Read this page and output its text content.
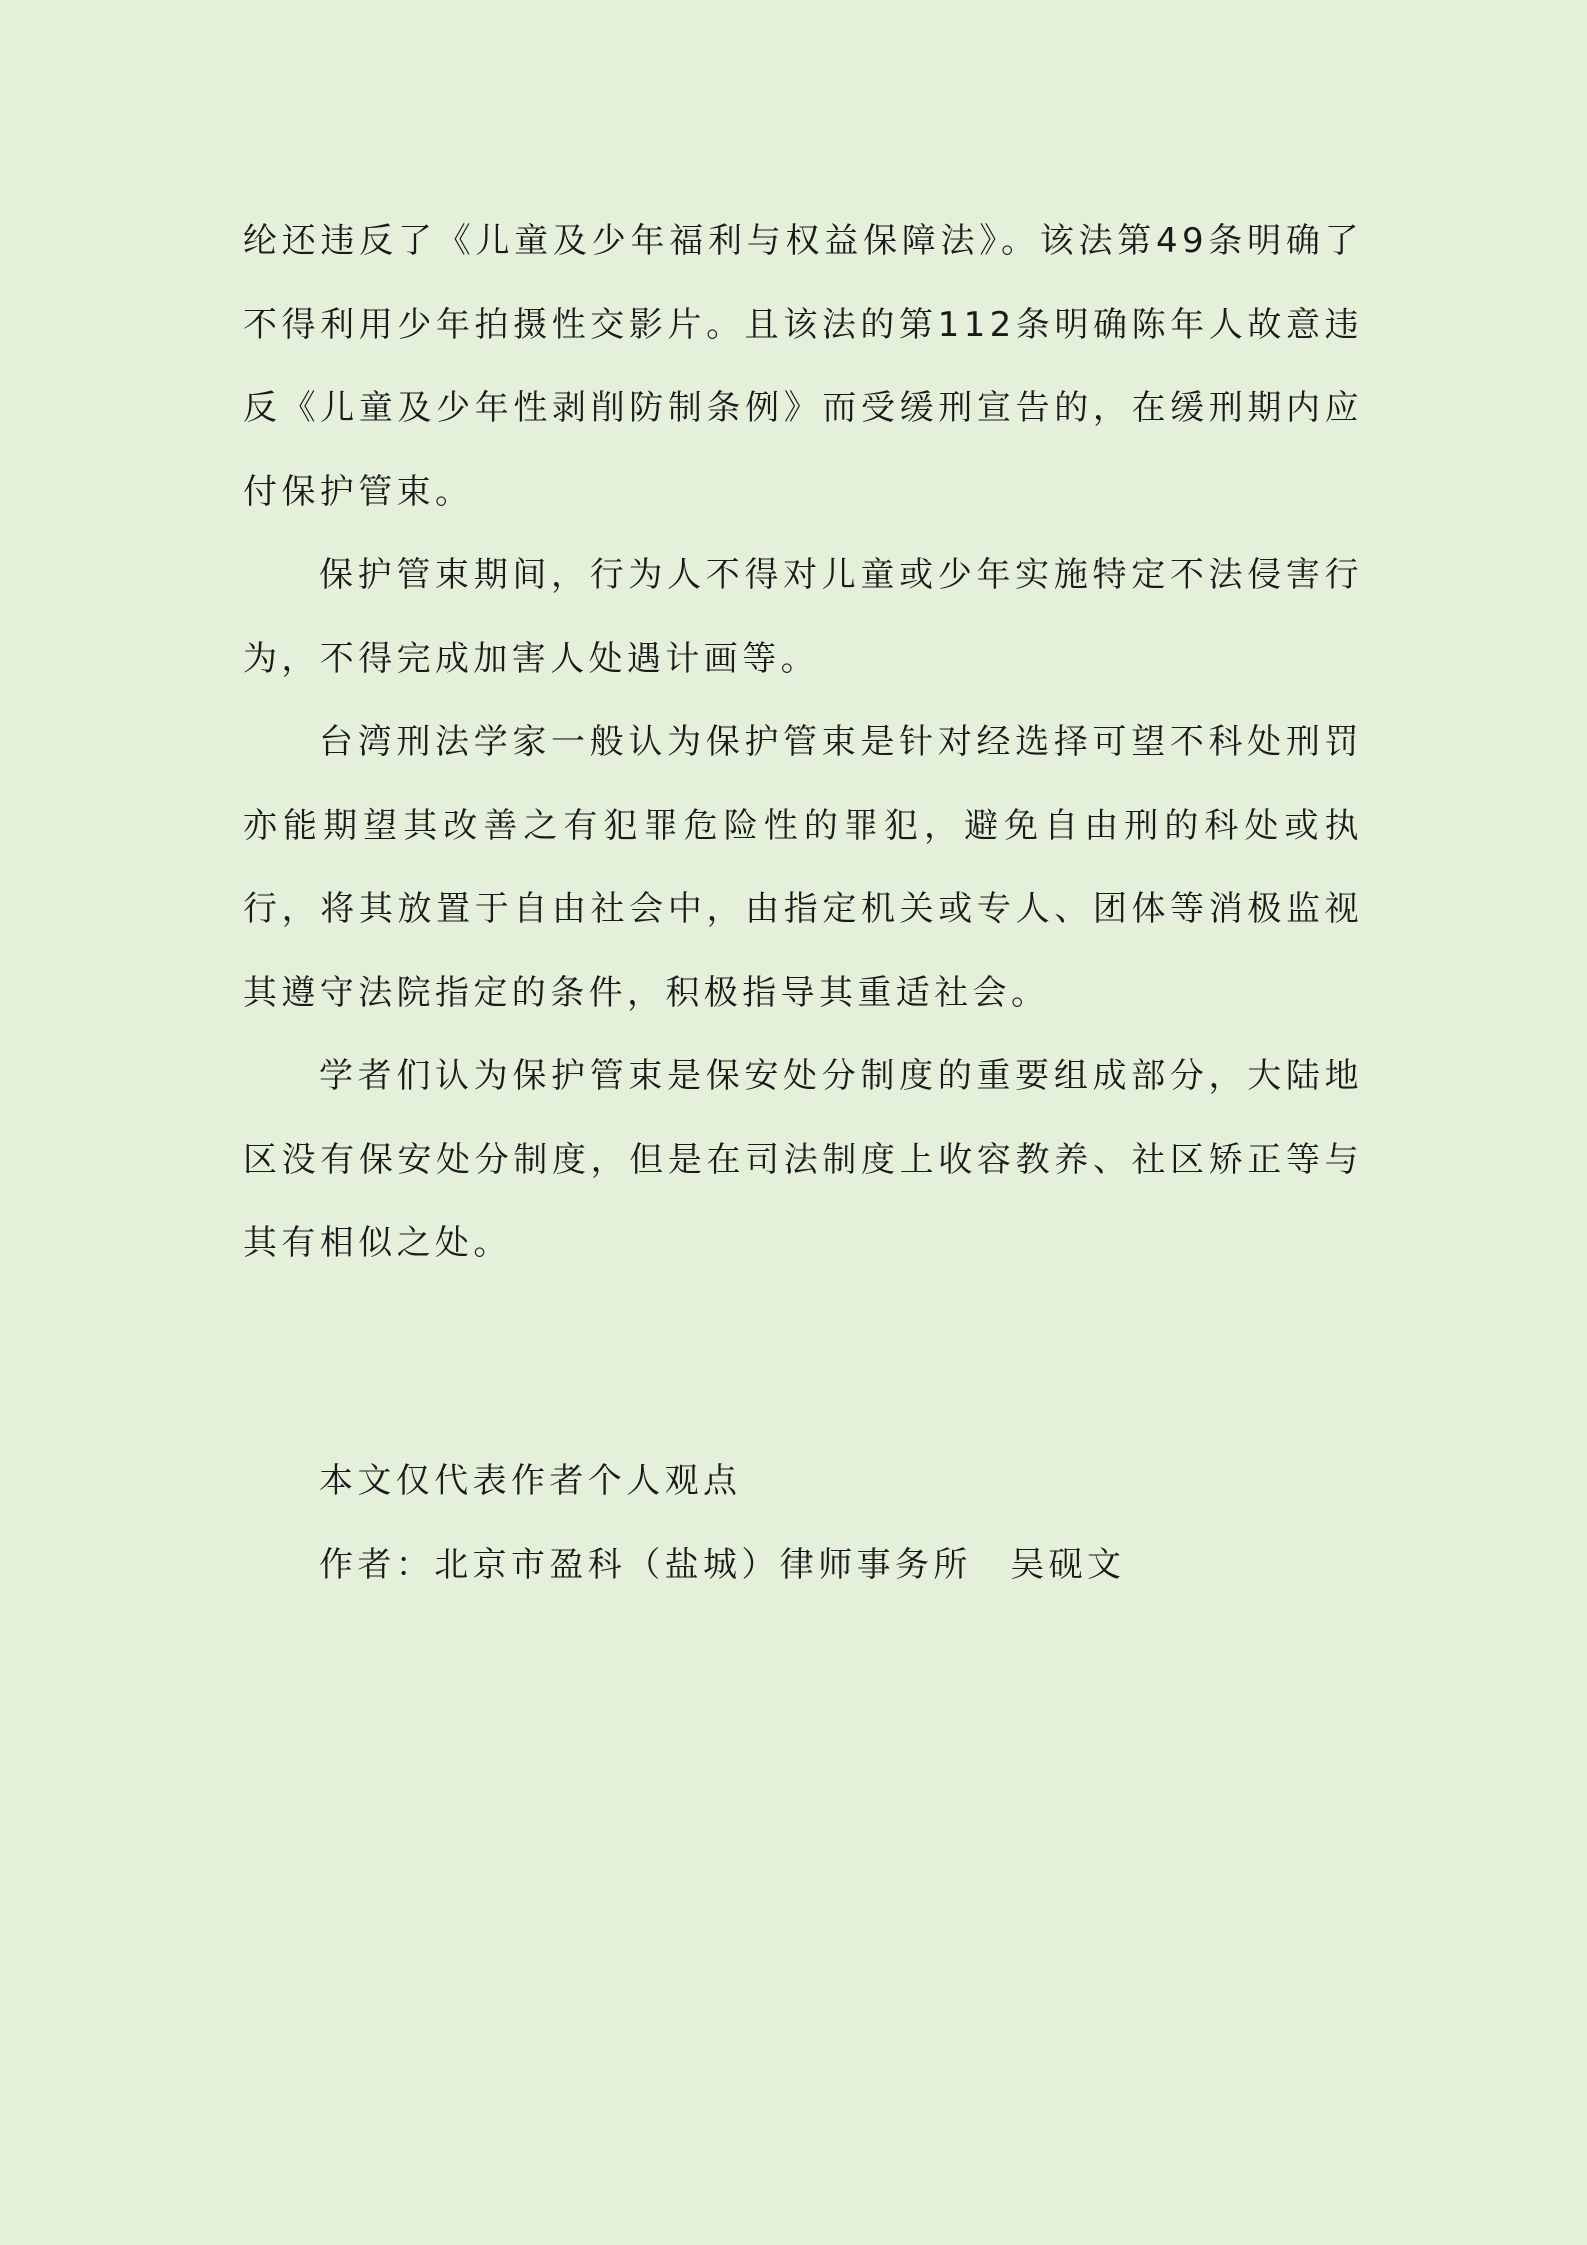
纶还违反了《儿童及少年福利与权益保障法》。该法第49条明确了不得利用少年拍摄性交影片。且该法的第112条明确陈年人故意违反《儿童及少年性剥削防制条例》而受缓刑宣告的，在缓刑期内应付保护管束。

保护管束期间，行为人不得对儿童或少年实施特定不法侵害行为，不得完成加害人处遇计画等。

台湾刑法学家一般认为保护管束是针对经选择可望不科处刑罚亦能期望其改善之有犯罪危险性的罪犯，避免自由刑的科处或执行，将其放置于自由社会中，由指定机关或专人、团体等消极监视其遵守法院指定的条件，积极指导其重适社会。

学者们认为保护管束是保安处分制度的重要组成部分，大陆地区没有保安处分制度，但是在司法制度上收容教养、社区矫正等与其有相似之处。

本文仅代表作者个人观点

作者：北京市盈科（盐城）律师事务所　吴砚文
